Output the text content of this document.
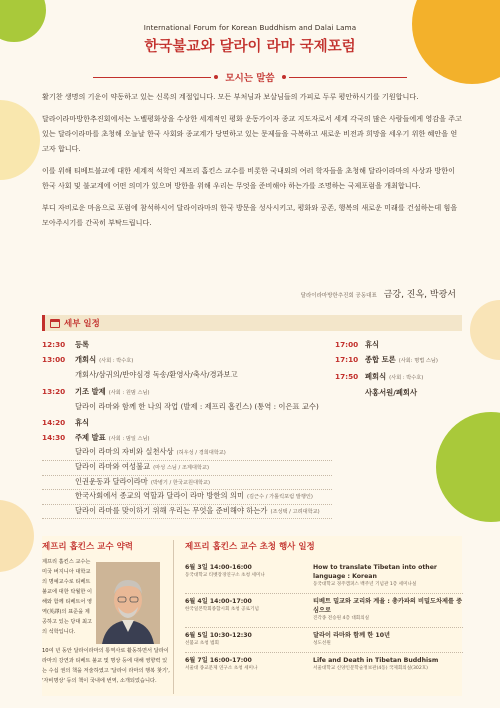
International Forum for Korean Buddhism and Dalai Lama
한국불교와 달라이 라마 국제포럼
모시는 말씀

활기찬 생명의 기운이 약동하고 있는 신록의 계절입니다. 모든 부처님과 보살님들의 가피로 두루 평안하시기를 기원합니다.

달라이라마방한추진회에서는 노벨평화상을 수상한 세계적인 평화 운동가이자 종교 지도자로서 세계 각국의 많은 사람들에게 영감을 주고 있는 달라이라마를 초청해 오늘날 한국 사회와 종교계가 당면하고 있는 문제들을 극복하고 새로운 비전과 희망을 세우기 위한 혜안을 얻고자 합니다.

이를 위해 티베트불교에 대한 세계적 석학인 제프리 홉킨스 교수를 비롯한 국내외의 여러 학자들을 초청해 달라이라마의 사상과 방한이 한국 사회 및 불교계에 어떤 의미가 있으며 방한을 위해 우리는 무엇을 준비해야 하는가를 조명하는 국제포럼을 개최합니다.

부디 자비로운 마음으로 포럼에 참석하시어 달라이라마의 한국 방문을 성사시키고, 평화와 공존, 행복의 새로운 미래를 건설하는데 힘을 모아주시기를 간곡히 부탁드립니다.

달라이라마방한추진회 공동대표 금강, 진옥, 박광서
세부 일정
12:30	등록
13:00	개회식 (사회 : 박수호)
개회사/삼귀의/반야심경 독송/환영사/축사/경과보고
13:20	기조 발제 (사회 : 원범 스님)
달라이 라마와 함께 한 나의 작업 (발제 : 제프리 홉킨스) (통역 : 이은표 교수)
14:20	휴식
14:30	주제 발표 (사회 : 범일 스님)
달라이 라마의 자비와 실천사상 (허우성 / 경희대학교)
달라이 라마와 여성불교 (마성 스님 / 조계대학교)
인권운동과 달라이라마 (박병기 / 한국교원대학교)
한국사회에서 종교의 역할과 달라이 라마 방한의 의미 (김근수 / 가톨릭포럼 발행인)
달라이 라마를 맞이하기 위해 우리는 무엇을 준비해야 하는가 (조성택 / 고려대학교)
17:00 휴식
17:10 종합 토론 (사회: 명법 스님)
17:50 폐회식 (사회 : 박수호)
사홍서원/폐회사
제프리 홉킨스 교수 약력
제프리 홉킨스 교수는 미국 버지니아 대학교의 명예교수로 티베트 불교에 대한 탁월한 이해와 함께 티베트어 영역(英譯)의 표준을 제공하고 있는 당대 최고의 석학입니다.
10여 년 동안 달라이라마의 통역사로 활동하면서 달라이라마의 강연과 티베트 불교 및 명상 등에 대해 영향력 있는 수십 권의 책을 저술하였고 '달라이 라마의 행복 찾기', '자비명상' 등의 책이 국내에 번역, 소개되었습니다.
제프리 홉킨스 교수 초청 행사 일정
6월 3일 14:00-16:00
동국대학교 티벳장경연구소 초청 세미나
How to translate Tibetan into other language : Korean
동국대학교 경주캠퍼스 백주년 기념관 1층 세미나실
6월 4일 14:00-17:00
한국일본학회종합시회 초청 공로기념
티베트 밀교와 교리와 계율 : 총카파의 비밀도차제를 중심으로
진각종 전승원 4층 대회의실
6월 5일 10:30-12:30
선불교 초청 법회
달라이 라마와 함께 한 10년
성도선원
6월 7일 16:00-17:00
서울대 종교문제 연구소 초청 세미나
Life and Death in Tibetan Buddhism
서울대학교 신양인문학술정보관(4동) 국제회의실(302호)
